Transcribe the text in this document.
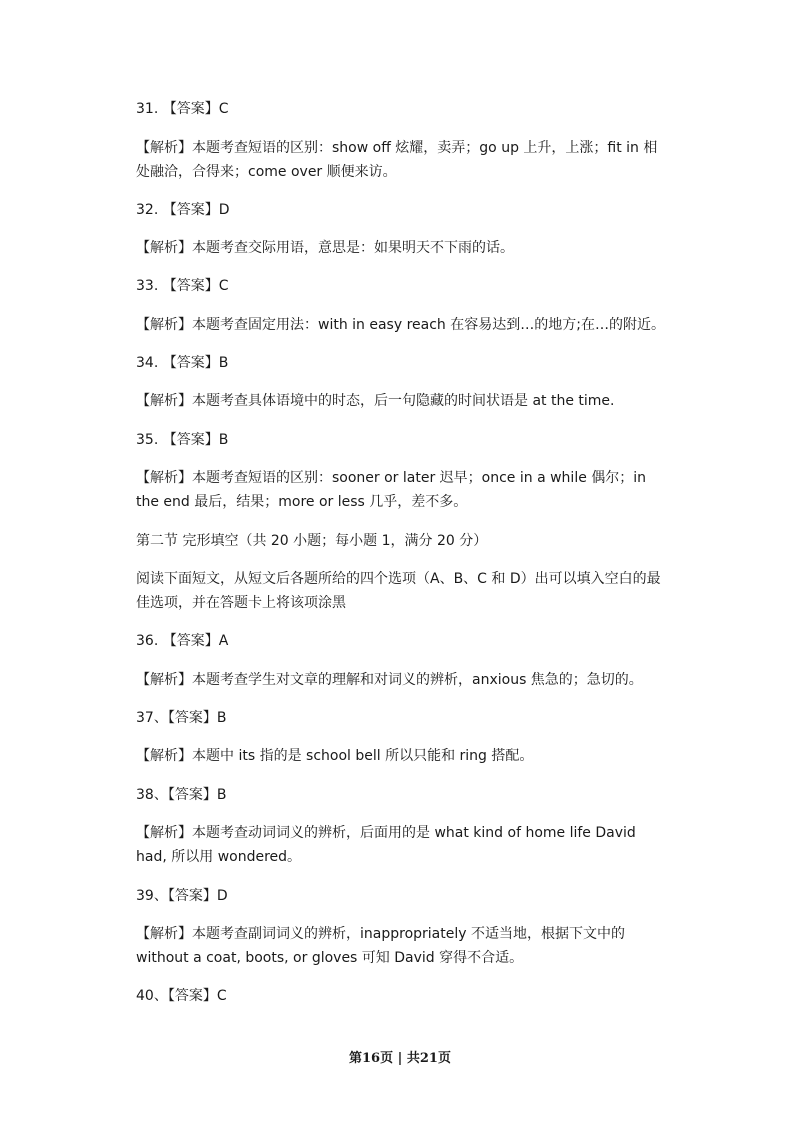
31. 【答案】C
【解析】本题考查短语的区别：show off 炫耀，卖弄；go up 上升，上涨；fit in 相
处融洽，合得来；come over 顺便来访。
32. 【答案】D
【解析】本题考查交际用语，意思是：如果明天不下雨的话。
33. 【答案】C
【解析】本题考查固定用法：with in easy reach 在容易达到…的地方;在…的附近。
34. 【答案】B
【解析】本题考查具体语境中的时态，后一句隐藏的时间状语是 at the time.
35. 【答案】B
【解析】本题考查短语的区别：sooner or later 迟早；once in a while 偶尔；in
the end 最后，结果；more or less 几乎，差不多。
第二节 完形填空（共 20 小题；每小题 1，满分 20 分）
阅读下面短文，从短文后各题所给的四个选项（A、B、C 和 D）出可以填入空白的最
佳选项，并在答题卡上将该项涂黑
36. 【答案】A
【解析】本题考查学生对文章的理解和对词义的辨析，anxious 焦急的；急切的。
37、【答案】B
【解析】本题中 its 指的是 school bell 所以只能和 ring 搭配。
38、【答案】B
【解析】本题考查动词词义的辨析，后面用的是 what kind of home life David
had, 所以用 wondered。
39、【答案】D
【解析】本题考查副词词义的辨析，inappropriately 不适当地，根据下文中的
without a coat, boots, or gloves 可知 David 穿得不合适。
40、【答案】C
第16页 | 共21页
